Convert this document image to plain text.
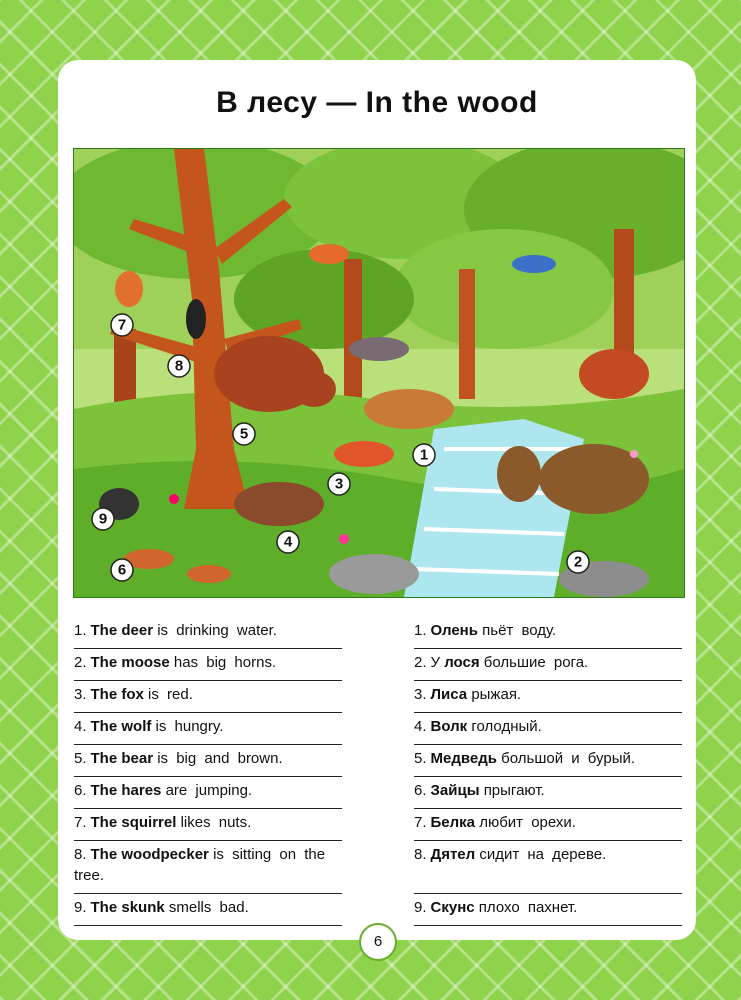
В лесу — In the wood
1
2
3
4
5
6
7
8
9
1. The deer is drinking water.
2. The moose has big horns.
3. The fox is red.
4. The wolf is hungry.
5. The bear is big and brown.
6. The hares are jumping.
7. The squirrel likes nuts.
8. The woodpecker is sitting on the tree.
9. The skunk smells bad.
1. Олень пьёт воду.
2. У лося большие рога.
3. Лиса рыжая.
4. Волк голодный.
5. Медведь большой и бурый.
6. Зайцы прыгают.
7. Белка любит орехи.
8. Дятел сидит на дереве.
9. Скунс плохо пахнет.
6
